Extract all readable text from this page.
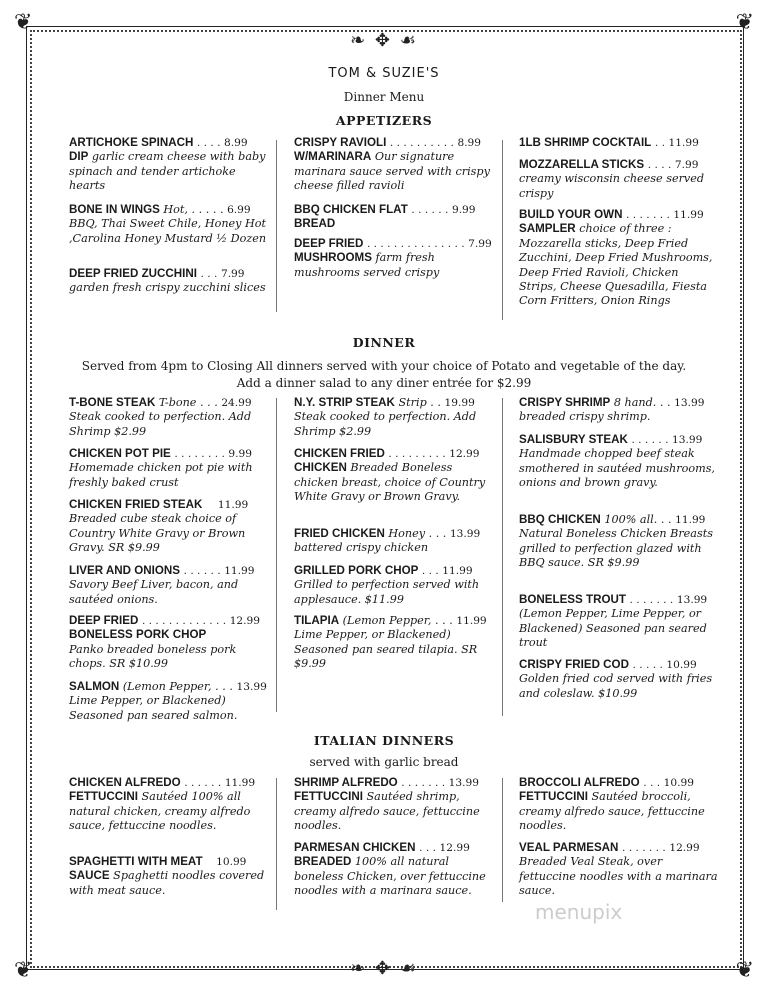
❦	❦
❦	❦
❧ ✥ ☙
❧ ✥ ☙

TOM & SUZIE'S

Dinner Menu

APPETIZERS

ARTICHOKE SPINACH . . . . 8.99
DIP garlic cream cheese with baby spinach and tender artichoke hearts
BONE IN WINGS Hot, . . . . . 6.99
BBQ, Thai Sweet Chile, Honey Hot ,Carolina Honey Mustard ½ Dozen
DEEP FRIED ZUCCHINI . . . 7.99
garden fresh crispy zucchini slices
CRISPY RAVIOLI . . . . . . . . . . 8.99
W/MARINARA Our signature marinara sauce served with crispy cheese filled ravioli
BBQ CHICKEN FLAT . . . . . . 9.99
BREAD
DEEP FRIED . . . . . . . . . . . . . . . 7.99
MUSHROOMS farm fresh mushrooms served crispy
1LB SHRIMP COCKTAIL . . 11.99
MOZZARELLA STICKS . . . . 7.99
creamy wisconsin cheese served crispy
BUILD YOUR OWN . . . . . . . 11.99
SAMPLER choice of three : Mozzarella sticks, Deep Fried Zucchini, Deep Fried Mushrooms, Deep Fried Ravioli, Chicken Strips, Cheese Quesadilla, Fiesta Corn Fritters, Onion Rings

DINNER

Served from 4pm to Closing All dinners served with your choice of Potato and vegetable of the day.

Add a dinner salad to any diner entrée for $2.99

T-BONE STEAK T-bone . . . 24.99
Steak cooked to perfection. Add Shrimp $2.99
CHICKEN POT PIE . . . . . . . . 9.99
Homemade chicken pot pie with freshly baked crust
CHICKEN FRIED STEAK 11.99
Breaded cube steak choice of Country White Gravy or Brown Gravy. SR $9.99
LIVER AND ONIONS . . . . . . 11.99
Savory Beef Liver, bacon, and sautéed onions.
DEEP FRIED . . . . . . . . . . . . . 12.99
BONELESS PORK CHOP
Panko breaded boneless pork chops. SR $10.99
SALMON (Lemon Pepper, . . . 13.99
Lime Pepper, or Blackened) Seasoned pan seared salmon.
N.Y. STRIP STEAK Strip . . 19.99
Steak cooked to perfection. Add Shrimp $2.99
CHICKEN FRIED . . . . . . . . . 12.99
CHICKEN Breaded Boneless chicken breast, choice of Country White Gravy or Brown Gravy.
FRIED CHICKEN Honey . . . 13.99
battered crispy chicken
GRILLED PORK CHOP . . . 11.99
Grilled to perfection served with applesauce. $11.99
TILAPIA (Lemon Pepper, . . . 11.99
Lime Pepper, or Blackened) Seasoned pan seared tilapia. SR $9.99
CRISPY SHRIMP 8 hand. . . 13.99
breaded crispy shrimp.
SALISBURY STEAK . . . . . . 13.99
Handmade chopped beef steak smothered in sautéed mushrooms, onions and brown gravy.
BBQ CHICKEN 100% all. . . 11.99
Natural Boneless Chicken Breasts grilled to perfection glazed with BBQ sauce. SR $9.99
BONELESS TROUT . . . . . . . 13.99
(Lemon Pepper, Lime Pepper, or Blackened) Seasoned pan seared trout
CRISPY FRIED COD . . . . . 10.99
Golden fried cod served with fries and coleslaw. $10.99

ITALIAN DINNERS

served with garlic bread

CHICKEN ALFREDO . . . . . . 11.99
FETTUCCINI Sautéed 100% all natural chicken, creamy alfredo sauce, fettuccine noodles.
SPAGHETTI WITH MEAT 10.99
SAUCE Spaghetti noodles covered with meat sauce.
SHRIMP ALFREDO . . . . . . . 13.99
FETTUCCINI Sautéed shrimp, creamy alfredo sauce, fettuccine noodles.
PARMESAN CHICKEN . . . 12.99
BREADED 100% all natural boneless Chicken, over fettuccine noodles with a marinara sauce.
BROCCOLI ALFREDO . . . 10.99
FETTUCCINI Sautéed broccoli, creamy alfredo sauce, fettuccine noodles.
VEAL PARMESAN . . . . . . . 12.99
Breaded Veal Steak, over fettuccine noodles with a marinara sauce.
menupix
